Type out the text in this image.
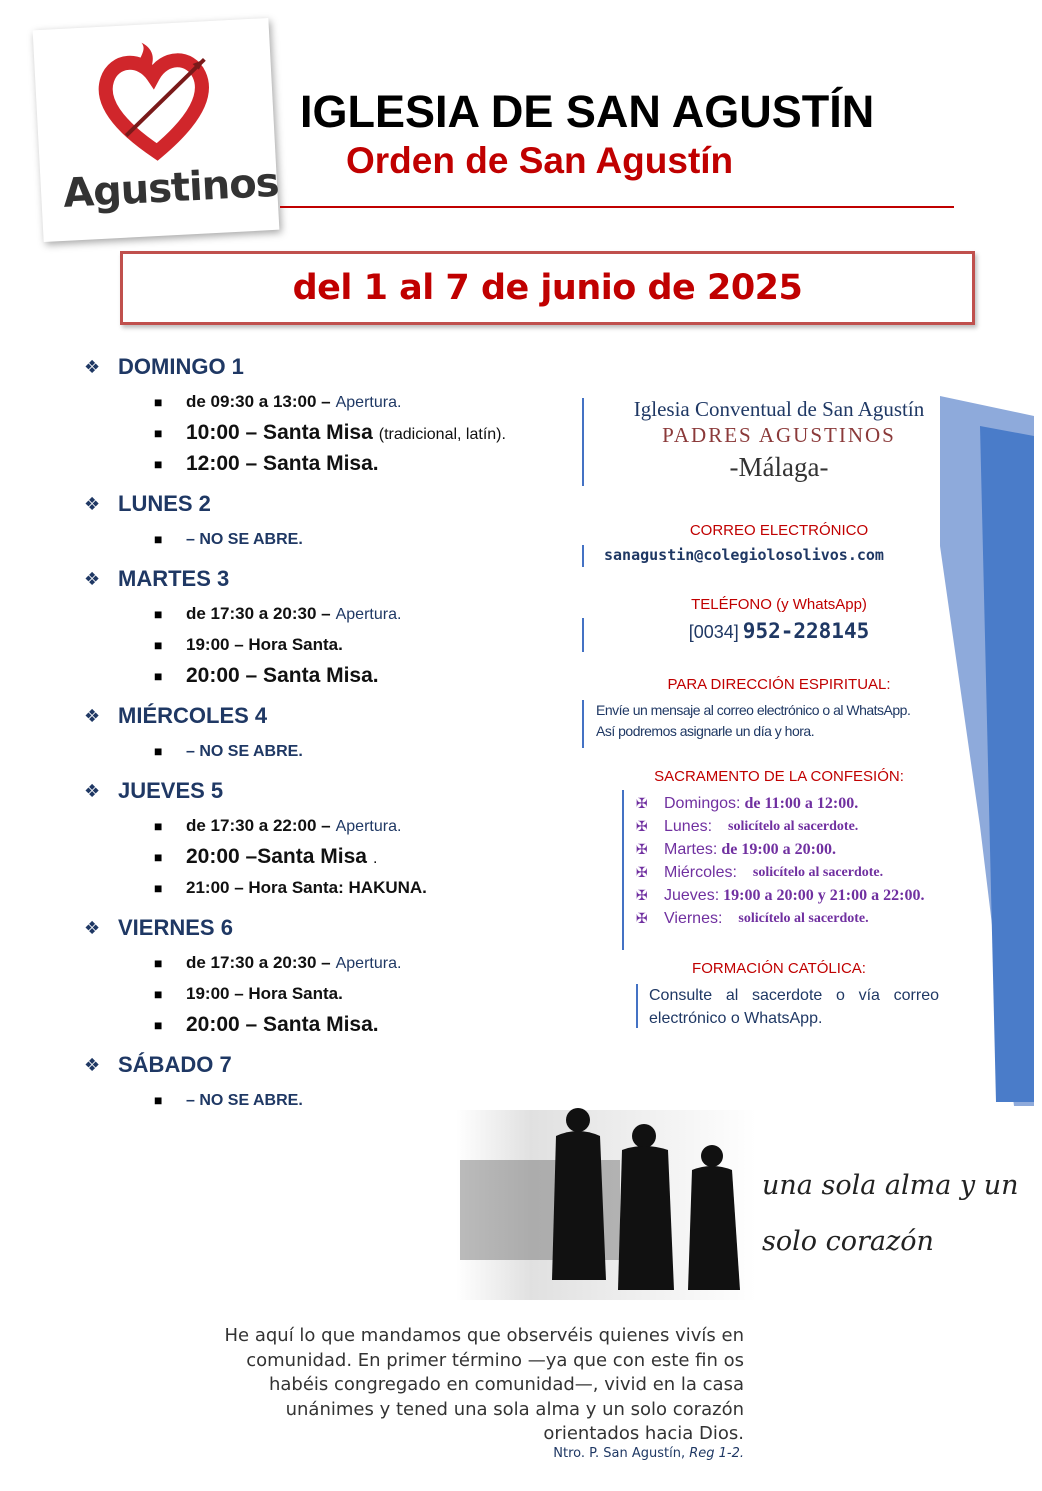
Agustinos
IGLESIA DE SAN AGUSTÍN
Orden de San Agustín
del 1 al 7 de junio de 2025
❖ DOMINGO 1
■	de 09:30 a 13:00 – Apertura.
■	10:00 – Santa Misa (tradicional, latín).
■	12:00 – Santa Misa.
❖ LUNES 2
■	– NO SE ABRE.
❖ MARTES 3
■	de 17:30 a 20:30 – Apertura.
■	19:00 – Hora Santa.
■	20:00 – Santa Misa.
❖ MIÉRCOLES 4
■	– NO SE ABRE.
❖ JUEVES 5
■	de 17:30 a 22:00 – Apertura.
■	20:00 –Santa Misa .
■	21:00 – Hora Santa: HAKUNA.
❖ VIERNES 6
■	de 17:30 a 20:30 – Apertura.
■	19:00 – Hora Santa.
■	20:00 – Santa Misa.
❖ SÁBADO 7
■	– NO SE ABRE.
Iglesia Conventual de San Agustín
PADRES AGUSTINOS
-Málaga-
CORREO ELECTRÓNICO
sanagustin@colegiolosolivos.com
TELÉFONO (y WhatsApp)
[0034] 952-228145
PARA DIRECCIÓN ESPIRITUAL:
Envíe un mensaje al correo electrónico o al WhatsApp.
Así podremos asignarle un día y hora.
SACRAMENTO DE LA CONFESIÓN:
✠	Domingos: de 11:00 a 12:00.
✠	Lunes: solicítelo al sacerdote.
✠	Martes: de 19:00 a 20:00.
✠	Miércoles: solicítelo al sacerdote.
✠	Jueves: 19:00 a 20:00 y 21:00 a 22:00.
✠	Viernes: solicítelo al sacerdote.
FORMACIÓN CATÓLICA:
Consulte al sacerdote o vía correo electrónico o WhatsApp.
una sola alma y un
solo corazón
He aquí lo que mandamos que observéis quienes vivís en
comunidad. En primer término —ya que con este fin os
habéis congregado en comunidad—, vivid en la casa
unánimes y tened una sola alma y un solo corazón
orientados hacia Dios.
Ntro. P. San Agustín, Reg 1-2.
